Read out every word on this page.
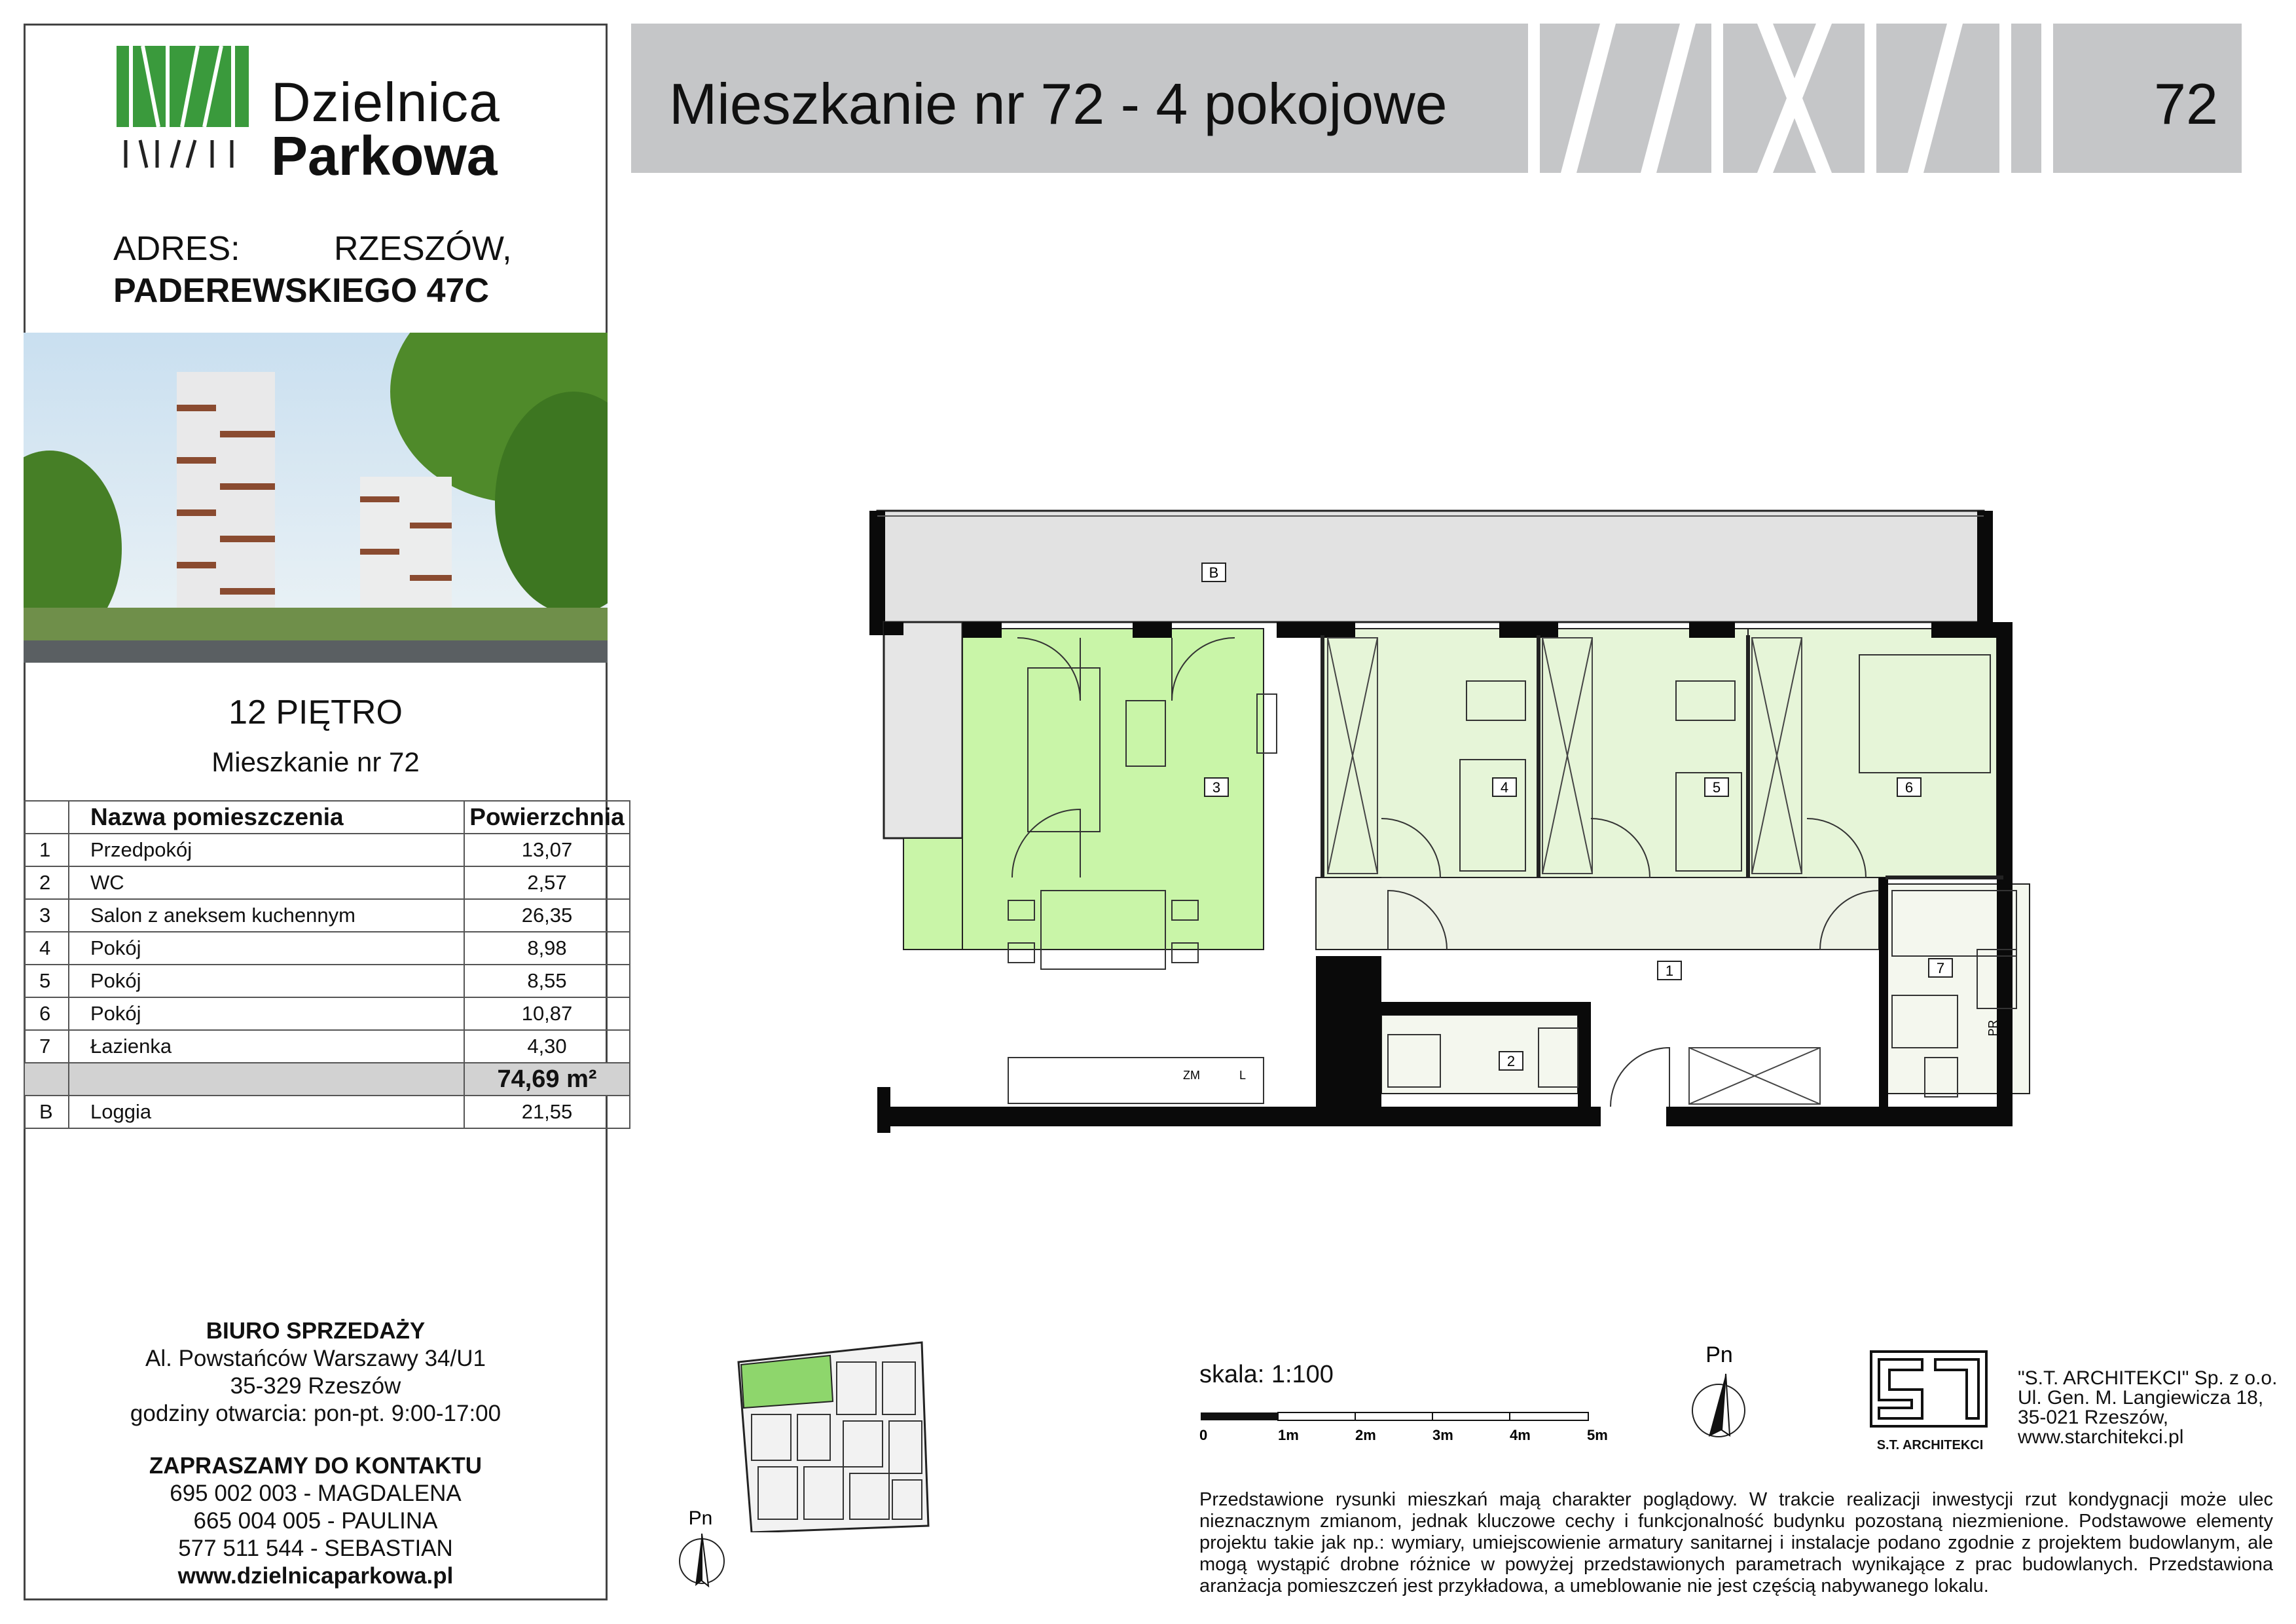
Dzielnica
Parkowa
ADRES:	RZESZÓW,
PADEREWSKIEGO 47C
12 PIĘTRO
Mieszkanie nr 72
	Nazwa pomieszczenia	Powierzchnia
1	Przedpokój	13,07
2	WC	2,57
3	Salon z aneksem kuchennym	26,35
4	Pokój	8,98
5	Pokój	8,55
6	Pokój	10,87
7	Łazienka	4,30
		74,69 m²
B	Loggia	21,55
BIURO SPRZEDAŻY
Al. Powstańców Warszawy 34/U1
35-329 Rzeszów
godziny otwarcia: pon-pt. 9:00-17:00
ZAPRASZAMY DO KONTAKTU
695 002 003 - MAGDALENA
665 004 005 - PAULINA
577 511 544 - SEBASTIAN
www.dzielnicaparkowa.pl
Mieszkanie nr 72 - 4 pokojowe	72
B
3	4	5	6
1
2
7
ZM	L
PR
skala: 1:100
0	1m	2m	3m	4m	5m
Pn
Pn
S.T. ARCHITEKCI
"S.T. ARCHITEKCI" Sp. z o.o.
Ul. Gen. M. Langiewicza 18,
35-021 Rzeszów,
www.starchitekci.pl
Przedstawione rysunki mieszkań mają charakter poglądowy. W trakcie realizacji inwestycji rzut kondygnacji może ulec nieznacznym zmianom, jednak kluczowe cechy i funkcjonalność budynku pozostaną niezmienione. Podstawowe elementy projektu takie jak np.: wymiary, umiejscowienie armatury sanitarnej i instalacje podano zgodnie z projektem budowlanym, ale mogą wystąpić drobne różnice w powyżej przedstawionych parametrach wynikające z prac budowlanych. Przedstawiona aranżacja pomieszczeń jest przykładowa, a umeblowanie nie jest częścią nabywanego lokalu.
